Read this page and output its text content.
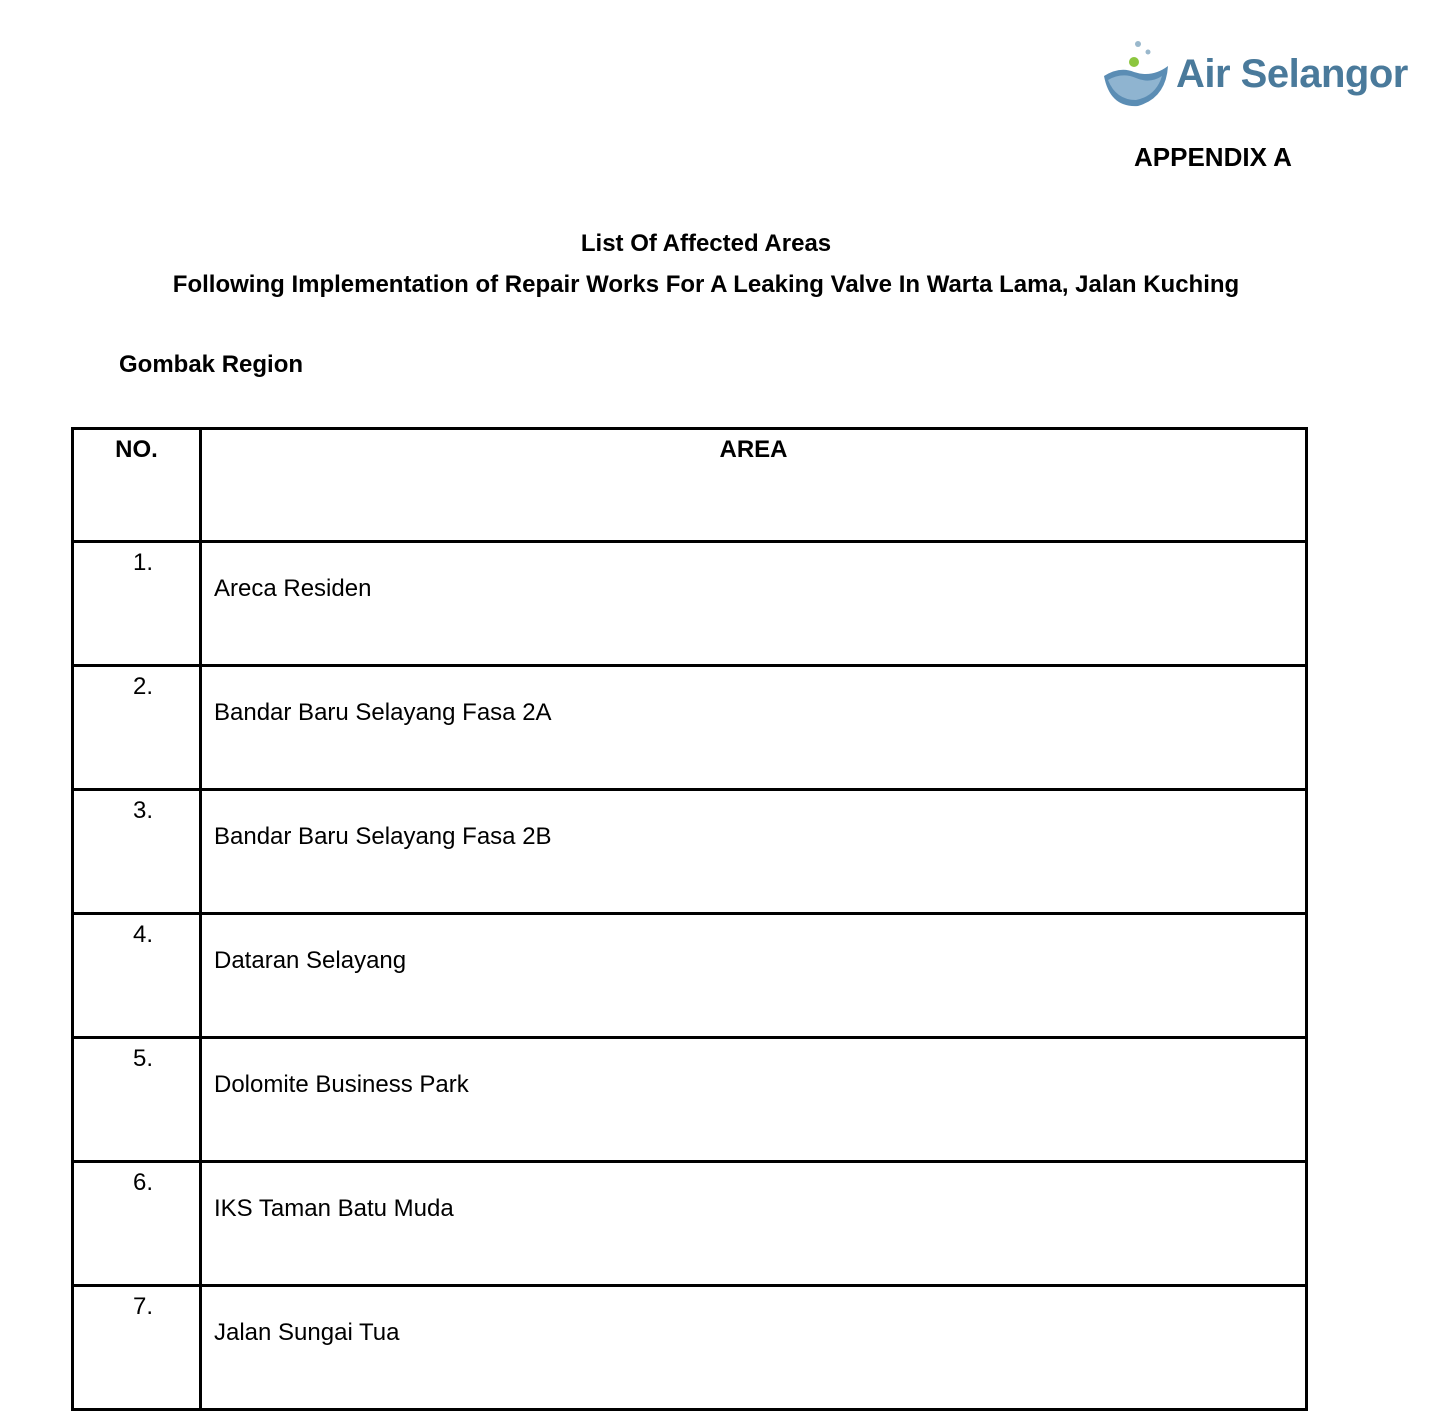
Air Selangor
APPENDIX A
List Of Affected Areas
Following Implementation of Repair Works For A Leaking Valve In Warta Lama, Jalan Kuching
Gombak Region
NO.	AREA
1.	Areca Residen
2.	Bandar Baru Selayang Fasa 2A
3.	Bandar Baru Selayang Fasa 2B
4.	Dataran Selayang
5.	Dolomite Business Park
6.	IKS Taman Batu Muda
7.	Jalan Sungai Tua
